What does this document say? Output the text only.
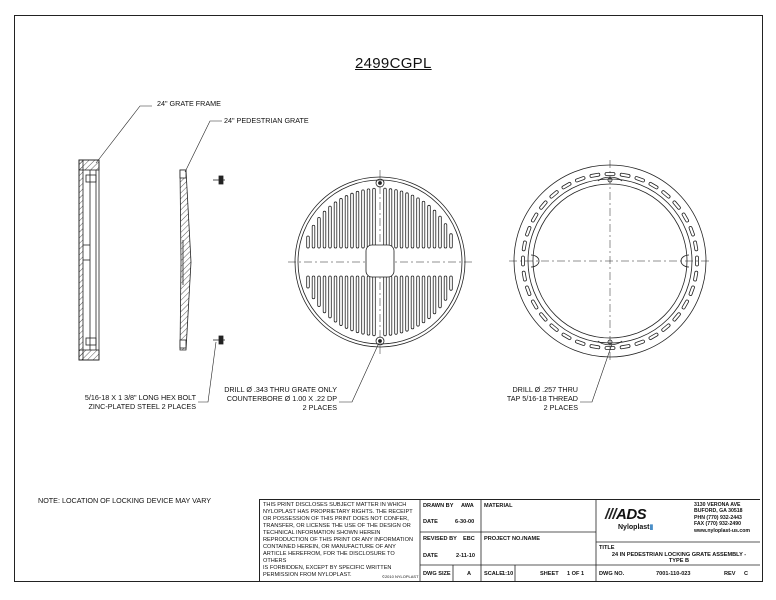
2499CGPL
24" GRATE FRAME
24" PEDESTRIAN GRATE
5/16-18 X 1 3/8" LONG HEX BOLT
ZINC-PLATED STEEL 2 PLACES
DRILL Ø .343 THRU GRATE ONLY
COUNTERBORE Ø 1.00 X .22 DP
2 PLACES
DRILL Ø .257 THRU
TAP 5/16-18 THREAD
2 PLACES
NOTE: LOCATION OF LOCKING DEVICE MAY VARY	THIS PRINT DISCLOSES SUBJECT MATTER IN WHICH
NYLOPLAST HAS PROPRIETARY RIGHTS. THE RECEIPT
OR POSSESSION OF THIS PRINT DOES NOT CONFER,
TRANSFER, OR LICENSE THE USE OF THE DESIGN OR
TECHNICAL INFORMATION SHOWN HEREIN
REPRODUCTION OF THIS PRINT OR ANY INFORMATION
CONTAINED HEREIN, OR MANUFACTURE OF ANY
ARTICLE HEREFROM, FOR THE DISCLOSURE TO OTHERS
IS FORBIDDEN, EXCEPT BY SPECIFIC WRITTEN
PERMISSION FROM NYLOPLAST.	©2010 NYLOPLAST
DRAWN BY AWA
DATE	6-30-00
REVISED BY EBC
DATE	2-11-10
DWG SIZE	A
MATERIAL
PROJECT NO./NAME
SCALE 1:10	SHEET 1 OF 1
///ADS
Nyloplast▮
3130 VERONA AVE
BUFORD, GA 30518
PHN (770) 932-2443
FAX (770) 932-2490
www.nyloplast-us.com
TITLE
24 IN PEDESTRIAN LOCKING GRATE ASSEMBLY -
TYPE B
DWG NO.	7001-110-023	REV C
